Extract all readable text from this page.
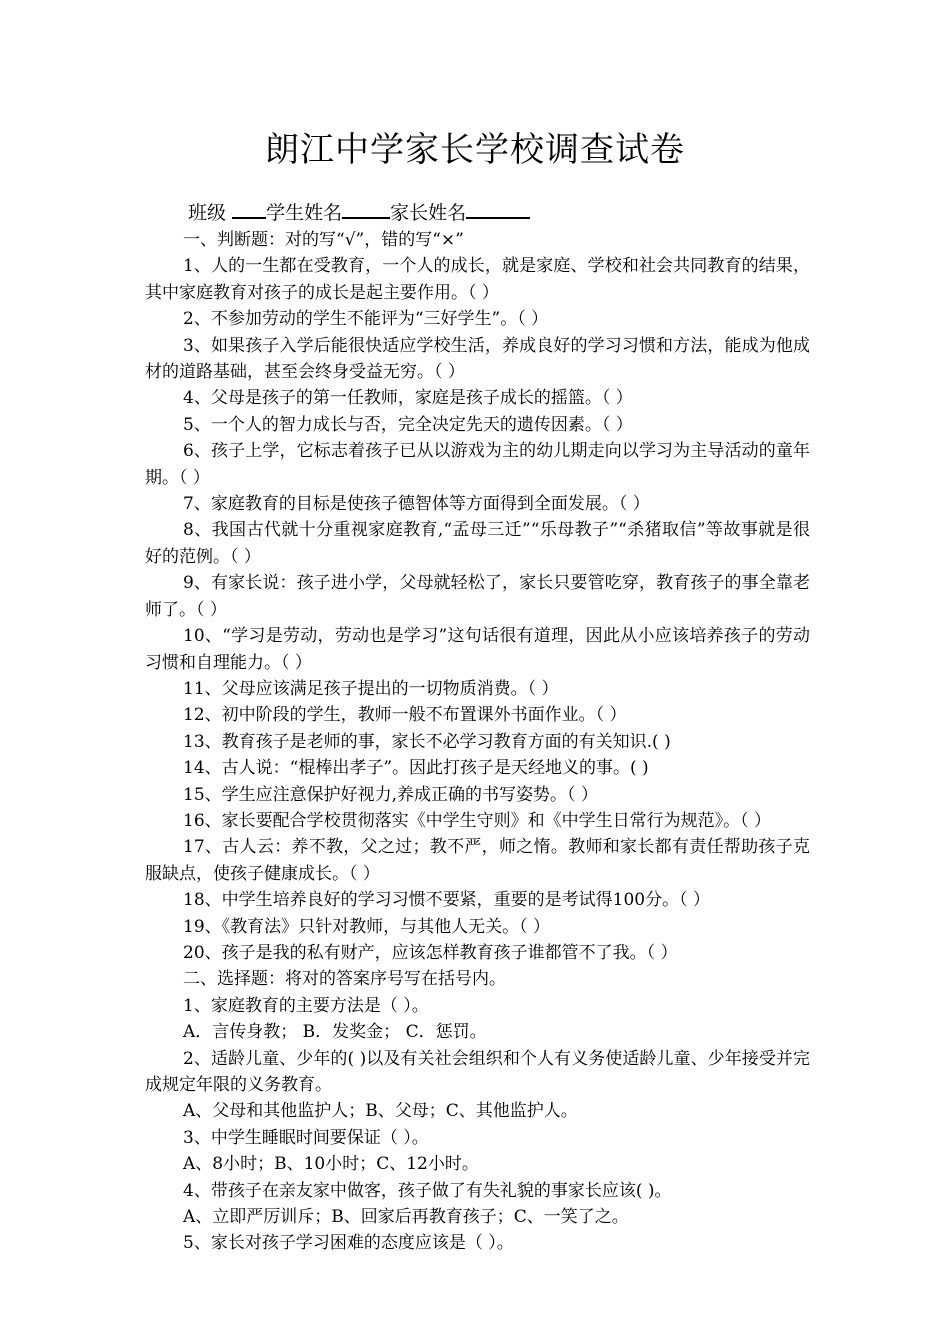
朗江中学家长学校调查试卷
班级 学生姓名	家长姓名

一、判断题：对的写“√”，错的写“×”

1、人的一生都在受教育，一个人的成长，就是家庭、学校和社会共同教育的结果，其中家庭教育对孩子的成长是起主要作用。（ ）

2、不参加劳动的学生不能评为“三好学生”。（ ）

3、如果孩子入学后能很快适应学校生活，养成良好的学习习惯和方法，能成为他成材的道路基础，甚至会终身受益无穷。（ ）

4、父母是孩子的第一任教师，家庭是孩子成长的摇篮。（ ）

5、一个人的智力成长与否，完全决定先天的遗传因素。（ ）

6、孩子上学，它标志着孩子已从以游戏为主的幼儿期走向以学习为主导活动的童年期。（ ）

7、家庭教育的目标是使孩子德智体等方面得到全面发展。（ ）

8、我国古代就十分重视家庭教育,“孟母三迁”“乐母教子”“杀猪取信”等故事就是很好的范例。（ ）

9、有家长说：孩子进小学，父母就轻松了，家长只要管吃穿，教育孩子的事全靠老师了。（ ）

10、“学习是劳动，劳动也是学习”这句话很有道理，因此从小应该培养孩子的劳动习惯和自理能力。（ ）

11、父母应该满足孩子提出的一切物质消费。（ ）

12、初中阶段的学生，教师一般不布置课外书面作业。（ ）

13、教育孩子是老师的事，家长不必学习教育方面的有关知识.( )

14、古人说：“棍棒出孝子”。因此打孩子是天经地义的事。( )

15、学生应注意保护好视力,养成正确的书写姿势。（ ）

16、家长要配合学校贯彻落实《中学生守则》和《中学生日常行为规范》。（ ）

17、古人云：养不教，父之过；教不严，师之惰。教师和家长都有责任帮助孩子克服缺点，使孩子健康成长。（ ）

18、中学生培养良好的学习习惯不要紧，重要的是考试得100分。（ ）

19、《教育法》只针对教师，与其他人无关。（ ）

20、孩子是我的私有财产，应该怎样教育孩子谁都管不了我。（ ）

二、选择题：将对的答案序号写在括号内。

1、家庭教育的主要方法是（ ）。

A．言传身教； B．发奖金； C．惩罚。

2、适龄儿童、少年的( )以及有关社会组织和个人有义务使适龄儿童、少年接受并完成规定年限的义务教育。

A、父母和其他监护人；B、父母；C、其他监护人。

3、中学生睡眠时间要保证（ ）。

A、8小时；B、10小时；C、12小时。

4、带孩子在亲友家中做客，孩子做了有失礼貌的事家长应该( )。

A、立即严厉训斥；B、回家后再教育孩子；C、一笑了之。

5、家长对孩子学习困难的态度应该是（ ）。
